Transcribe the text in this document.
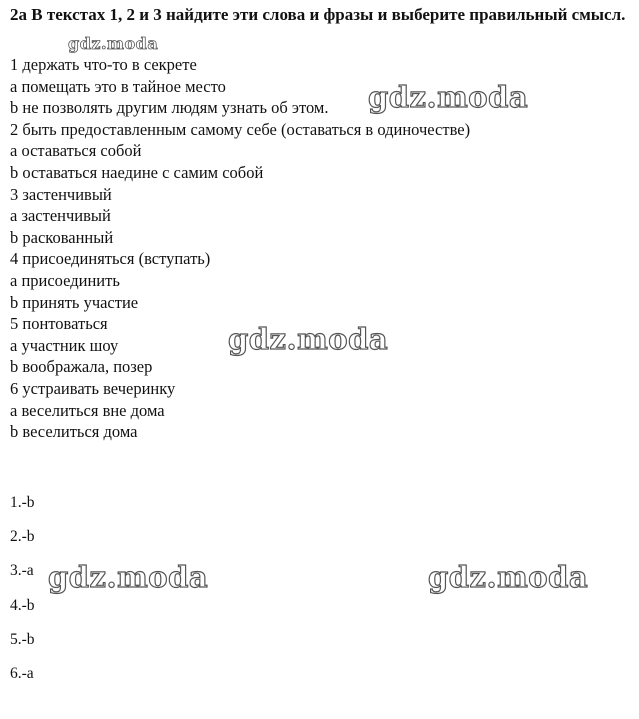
2а В текстах 1, 2 и 3 найдите эти слова и фразы и выберите правильный смысл.
1 держать что-то в секрете
a помещать это в тайное место
b не позволять другим людям узнать об этом.
2 быть предоставленным самому себе (оставаться в одиночестве)
a оставаться собой
b оставаться наедине с самим собой
3 застенчивый
a застенчивый
b раскованный
4 присоединяться (вступать)
a присоединить
b принять участие
5 понтоваться
a участник шоу
b воображала, позер
6 устраивать вечеринку
a веселиться вне дома
b веселиться дома
1.-b
2.-b
3.-a
4.-b
5.-b
6.-a
gdz.moda
gdz.moda
gdz.moda
gdz.moda	gdz.moda
